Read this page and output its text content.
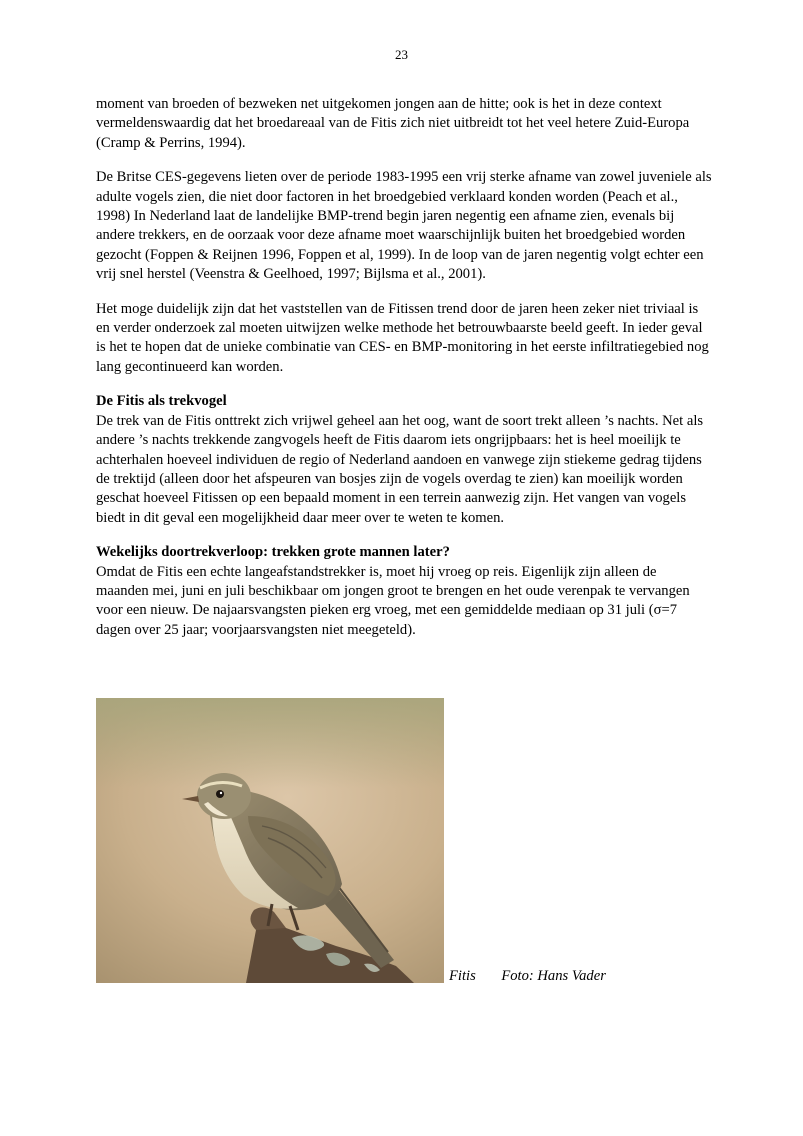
23

moment van broeden of bezweken net uitgekomen jongen aan de hitte; ook is het in deze context vermeldenswaardig dat het broedareaal van de Fitis zich niet uitbreidt tot het veel hetere Zuid-Europa (Cramp & Perrins, 1994).

De Britse CES-gegevens lieten over de periode 1983-1995 een vrij sterke afname van zowel juveniele als adulte vogels zien, die niet door factoren in het broedgebied verklaard konden worden (Peach et al., 1998) In Nederland laat de landelijke BMP-trend begin jaren negentig een afname zien, evenals bij andere trekkers, en de oorzaak voor deze afname moet waarschijnlijk buiten het broedgebied worden gezocht (Foppen & Reijnen 1996, Foppen et al, 1999). In de loop van de jaren negentig volgt echter een vrij snel herstel (Veenstra & Geelhoed, 1997; Bijlsma et al., 2001).

Het moge duidelijk zijn dat het vaststellen van de Fitissen trend door de jaren heen zeker niet triviaal is en verder onderzoek zal moeten uitwijzen welke methode het betrouwbaarste beeld geeft. In ieder geval is het te hopen dat de unieke combinatie van CES- en BMP-monitoring in het eerste infiltratiegebied nog lang gecontinueerd kan worden.

De Fitis als trekvogel

De trek van de Fitis onttrekt zich vrijwel geheel aan het oog, want de soort trekt alleen ’s nachts. Net als andere ’s nachts trekkende zangvogels heeft de Fitis daarom iets ongrijpbaars: het is heel moeilijk te achterhalen hoeveel individuen de regio of Nederland aandoen en vanwege zijn stiekeme gedrag tijdens de trektijd (alleen door het afspeuren van bosjes zijn de vogels overdag te zien) kan moeilijk worden geschat hoeveel Fitissen op een bepaald moment in een terrein aanwezig zijn. Het vangen van vogels biedt in dit geval een mogelijkheid daar meer over te weten te komen.

Wekelijks doortrekverloop: trekken grote mannen later?

Omdat de Fitis een echte langeafstandstrekker is, moet hij vroeg op reis. Eigenlijk zijn alleen de maanden mei, juni en juli beschikbaar om jongen groot te brengen en het oude verenpak te vervangen voor een nieuw. De najaarsvangsten pieken erg vroeg, met een gemiddelde mediaan op 31 juli (σ=7 dagen over 25 jaar; voorjaarsvangsten niet meegeteld).

Fitis Foto: Hans Vader
